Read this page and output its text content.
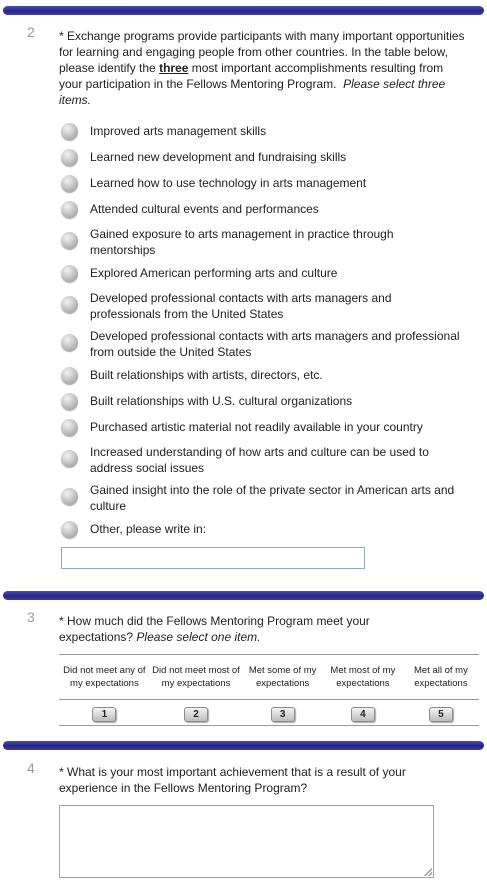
2 * Exchange programs provide participants with many important opportunities for learning and engaging people from other countries. In the table below, please identify the three most important accomplishments resulting from your participation in the Fellows Mentoring Program. Please select three items.
Improved arts management skills
Learned new development and fundraising skills
Learned how to use technology in arts management
Attended cultural events and performances
Gained exposure to arts management in practice through mentorships
Explored American performing arts and culture
Developed professional contacts with arts managers and professionals from the United States
Developed professional contacts with arts managers and professional from outside the United States
Built relationships with artists, directors, etc.
Built relationships with U.S. cultural organizations
Purchased artistic material not readily available in your country
Increased understanding of how arts and culture can be used to address social issues
Gained insight into the role of the private sector in American arts and culture
Other, please write in:
3 * How much did the Fellows Mentoring Program meet your expectations? Please select one item.
Did not meet any of my expectations	Did not meet most of my expectations	Met some of my expectations	Met most of my expectations	Met all of my expectations
1	2	3	4	5
4 * What is your most important achievement that is a result of your experience in the Fellows Mentoring Program?
